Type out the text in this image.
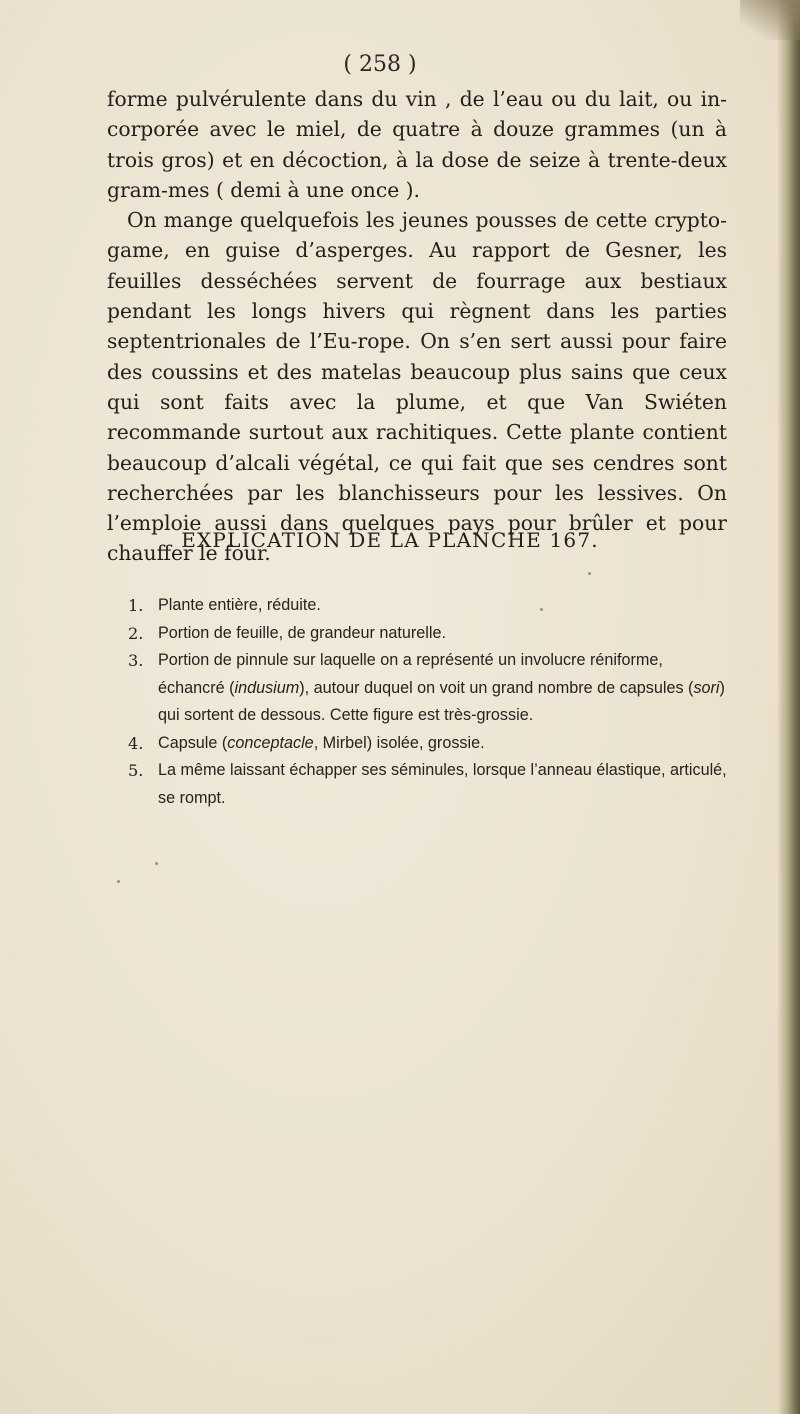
( 258 )

forme pulvérulente dans du vin , de l’eau ou du lait, ou in-corporée avec le miel, de quatre à douze grammes (un à trois gros) et en décoction, à la dose de seize à trente-deux gram-mes ( demi à une once ).

On mange quelquefois les jeunes pousses de cette crypto-game, en guise d’asperges. Au rapport de Gesner, les feuilles desséchées servent de fourrage aux bestiaux pendant les longs hivers qui règnent dans les parties septentrionales de l’Eu-rope. On s’en sert aussi pour faire des coussins et des matelas beaucoup plus sains que ceux qui sont faits avec la plume, et que Van Swiéten recommande surtout aux rachitiques. Cette plante contient beaucoup d’alcali végétal, ce qui fait que ses cendres sont recherchées par les blanchisseurs pour les lessives. On l’emploie aussi dans quelques pays pour brûler et pour chauffer le four.

EXPLICATION DE LA PLANCHE 167.
1. Plante entière, réduite.
2. Portion de feuille, de grandeur naturelle.
3. Portion de pinnule sur laquelle on a représenté un involucre réniforme, échancré (indusium), autour duquel on voit un grand nombre de capsules (sori) qui sortent de dessous. Cette figure est très-grossie.
4. Capsule (conceptacle, Mirbel) isolée, grossie.
5. La même laissant échapper ses séminules, lorsque l’anneau élastique, articulé, se rompt.
